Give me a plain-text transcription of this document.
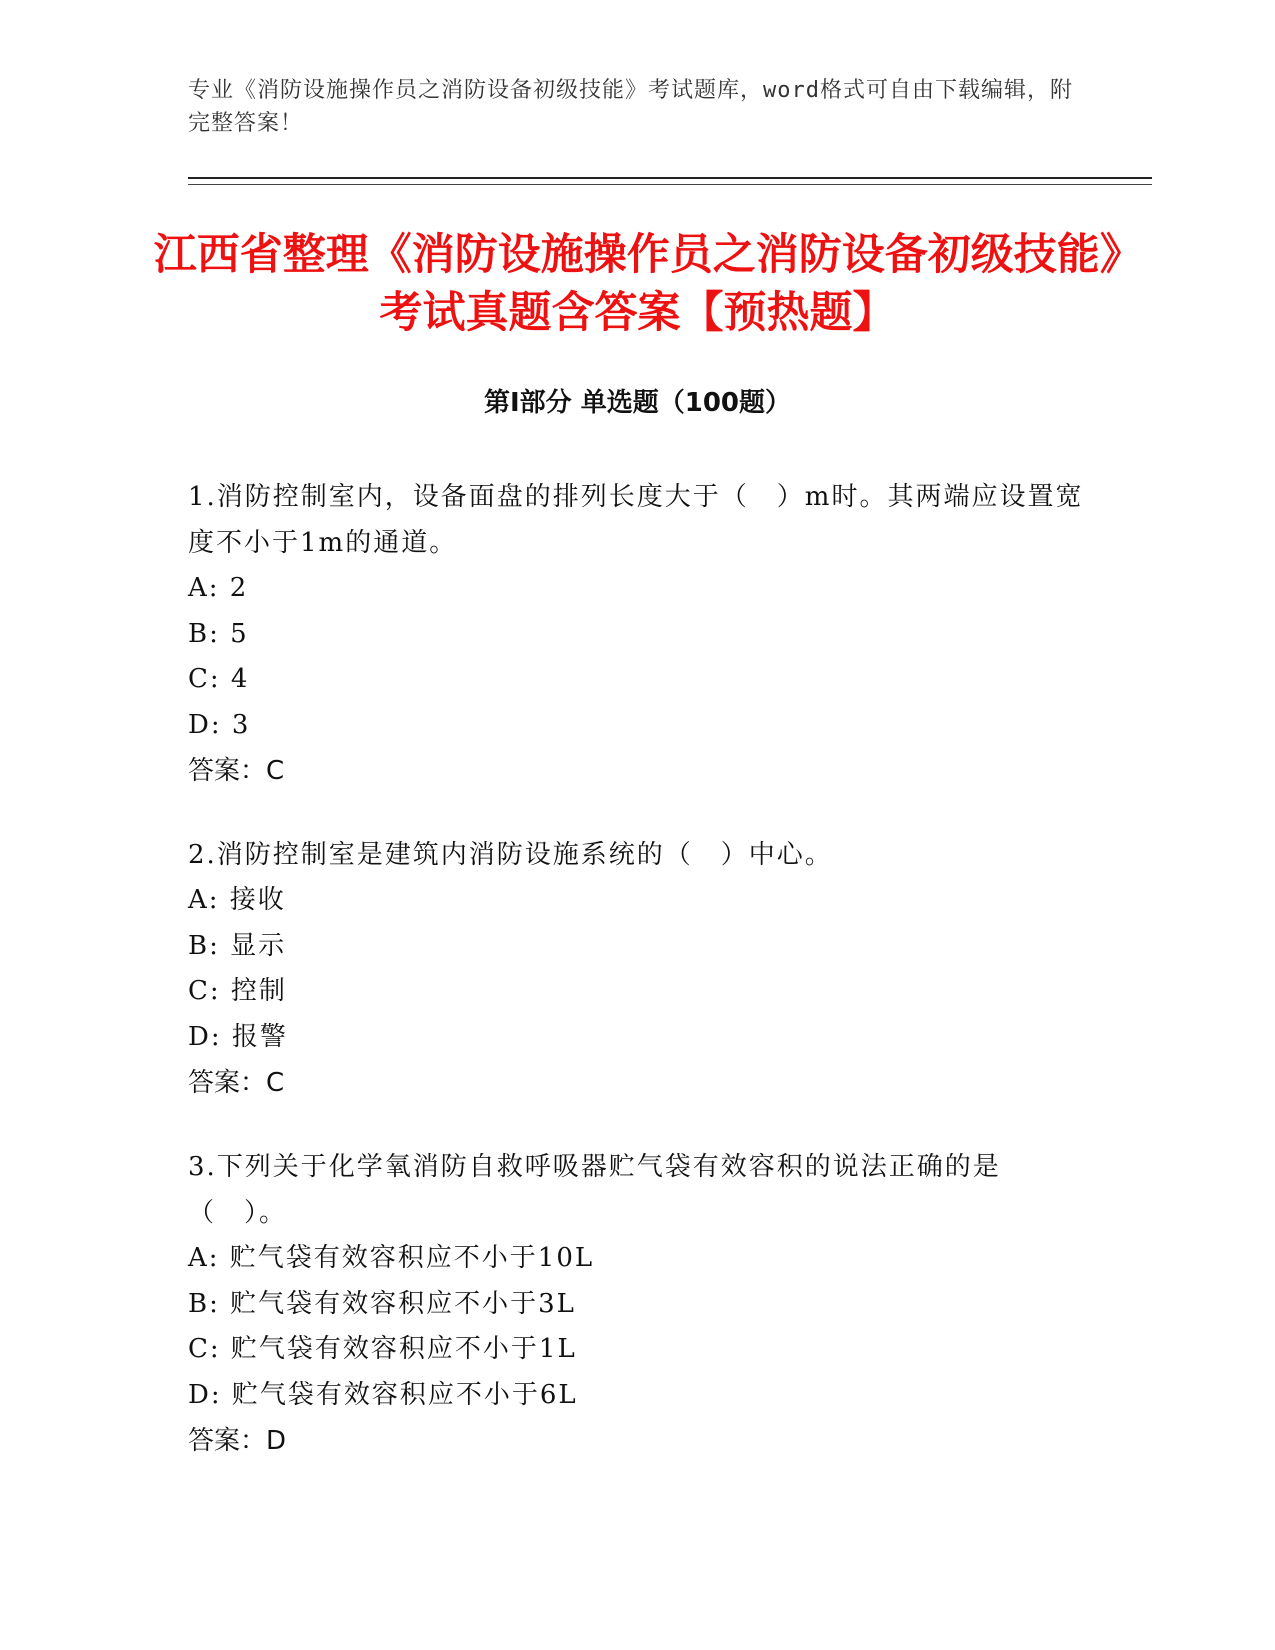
专业《消防设施操作员之消防设备初级技能》考试题库，word格式可自由下载编辑，附完整答案！
江西省整理《消防设施操作员之消防设备初级技能》考试真题含答案【预热题】
第I部分 单选题（100题）

1.消防控制室内，设备面盘的排列长度大于（　）m时。其两端应设置宽度不小于1m的通道。

A: 2

B: 5

C: 4

D: 3

答案：C

2.消防控制室是建筑内消防设施系统的（　）中心。

A: 接收

B: 显示

C: 控制

D: 报警

答案：C

3.下列关于化学氧消防自救呼吸器贮气袋有效容积的说法正确的是（　）。

A: 贮气袋有效容积应不小于10L

B: 贮气袋有效容积应不小于3L

C: 贮气袋有效容积应不小于1L

D: 贮气袋有效容积应不小于6L

答案：D
